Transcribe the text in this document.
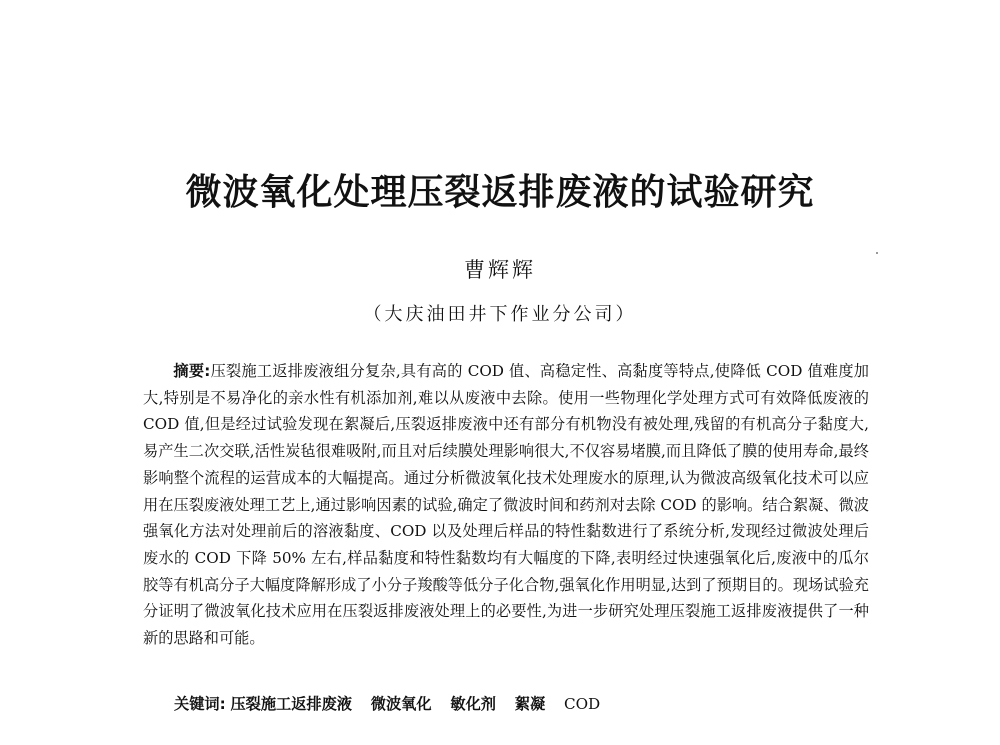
微波氧化处理压裂返排废液的试验研究
曹辉辉
（大庆油田井下作业分公司）

摘要:压裂施工返排废液组分复杂,具有高的 COD 值、高稳定性、高黏度等特点,使降低 COD 值难度加大,特别是不易净化的亲水性有机添加剂,难以从废液中去除。使用一些物理化学处理方式可有效降低废液的 COD 值,但是经过试验发现在絮凝后,压裂返排废液中还有部分有机物没有被处理,残留的有机高分子黏度大,易产生二次交联,活性炭毡很难吸附,而且对后续膜处理影响很大,不仅容易堵膜,而且降低了膜的使用寿命,最终影响整个流程的运营成本的大幅提高。通过分析微波氧化技术处理废水的原理,认为微波高级氧化技术可以应用在压裂废液处理工艺上,通过影响因素的试验,确定了微波时间和药剂对去除 COD 的影响。结合絮凝、微波强氧化方法对处理前后的溶液黏度、COD 以及处理后样品的特性黏数进行了系统分析,发现经过微波处理后废水的 COD 下降 50% 左右,样品黏度和特性黏数均有大幅度的下降,表明经过快速强氧化后,废液中的瓜尔胶等有机高分子大幅度降解形成了小分子羧酸等低分子化合物,强氧化作用明显,达到了预期目的。现场试验充分证明了微波氧化技术应用在压裂返排废液处理上的必要性,为进一步研究处理压裂施工返排废液提供了一种新的思路和可能。

关键词: 压裂施工返排废液 微波氧化 敏化剂 絮凝 COD
